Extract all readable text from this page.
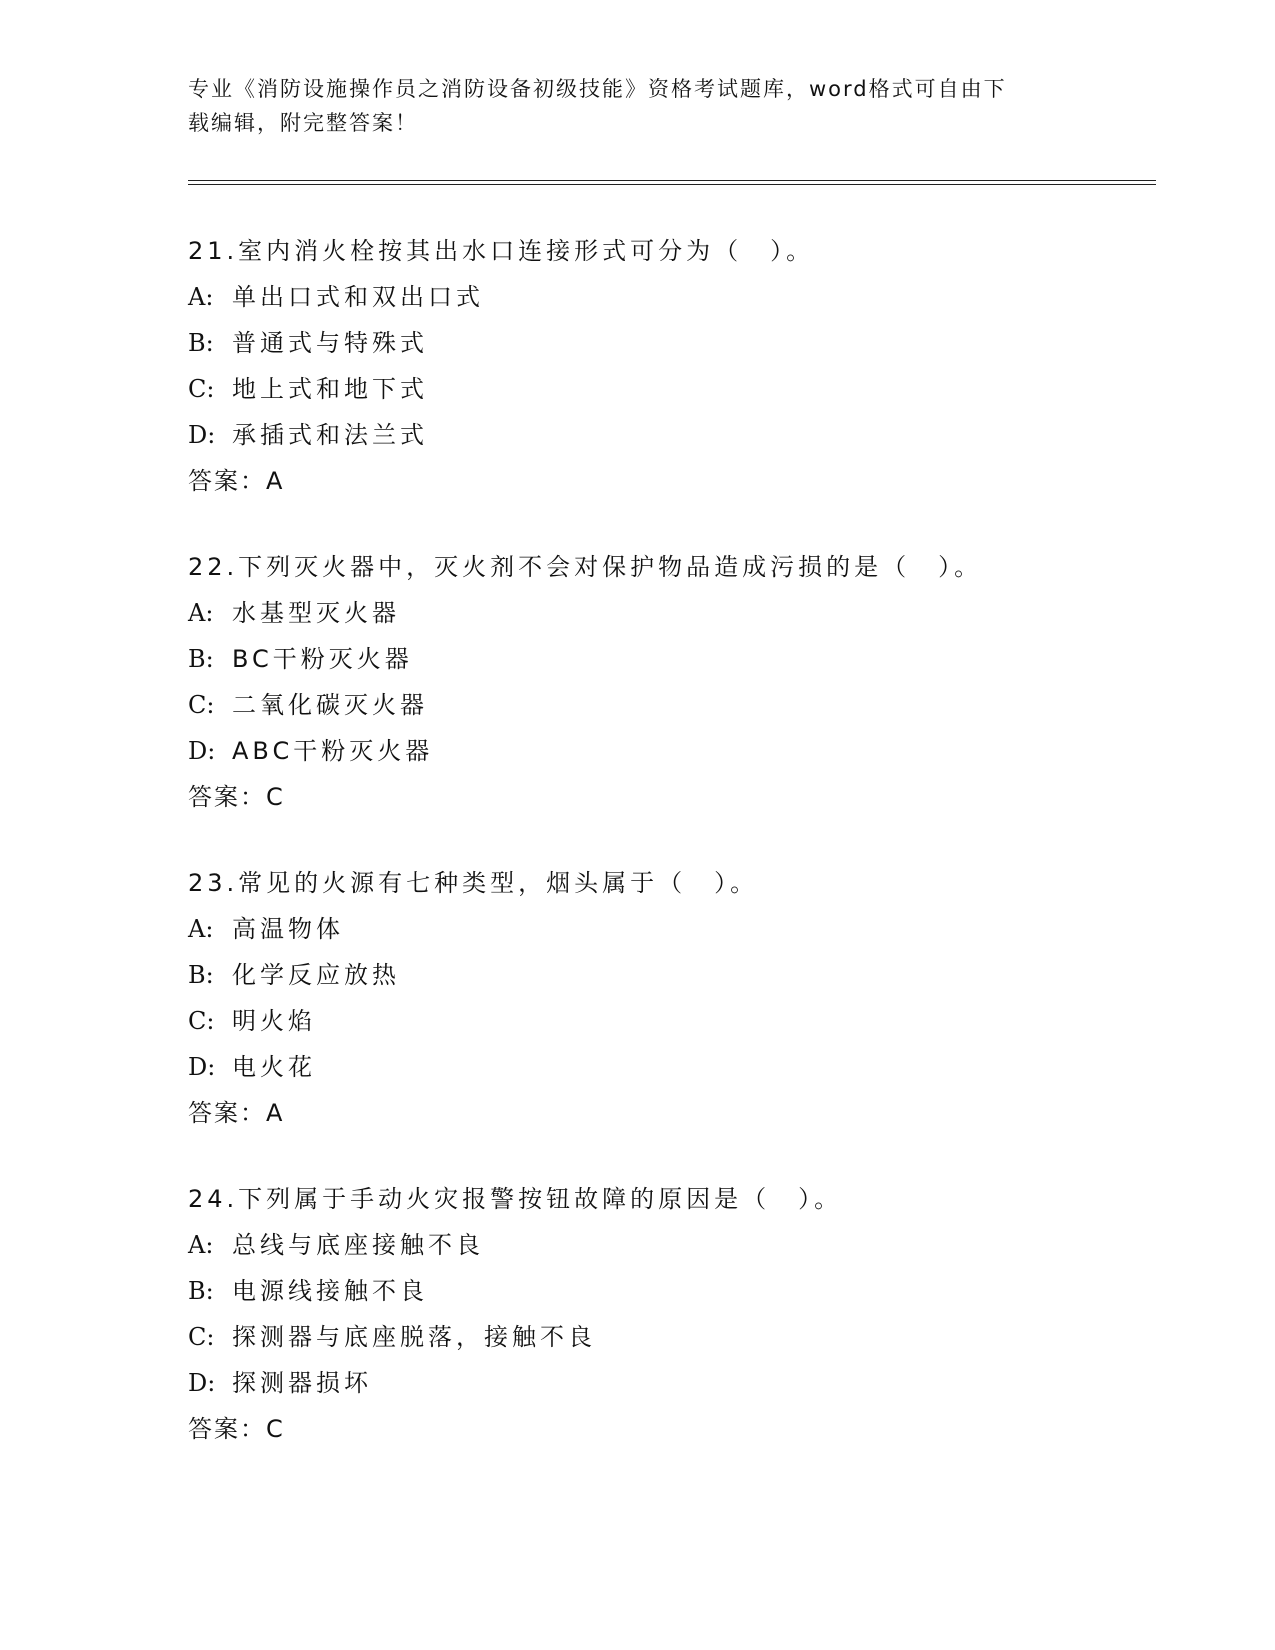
专业《消防设施操作员之消防设备初级技能》资格考试题库，word格式可自由下
载编辑，附完整答案！
21.室内消火栓按其出水口连接形式可分为（　）。
A: 单出口式和双出口式
B: 普通式与特殊式
C: 地上式和地下式
D: 承插式和法兰式
答案：A
22.下列灭火器中，灭火剂不会对保护物品造成污损的是（　）。
A: 水基型灭火器
B: BC干粉灭火器
C: 二氧化碳灭火器
D: ABC干粉灭火器
答案：C
23.常见的火源有七种类型，烟头属于（　）。
A: 高温物体
B: 化学反应放热
C: 明火焰
D: 电火花
答案：A
24.下列属于手动火灾报警按钮故障的原因是（　）。
A: 总线与底座接触不良
B: 电源线接触不良
C: 探测器与底座脱落，接触不良
D: 探测器损坏
答案：C
